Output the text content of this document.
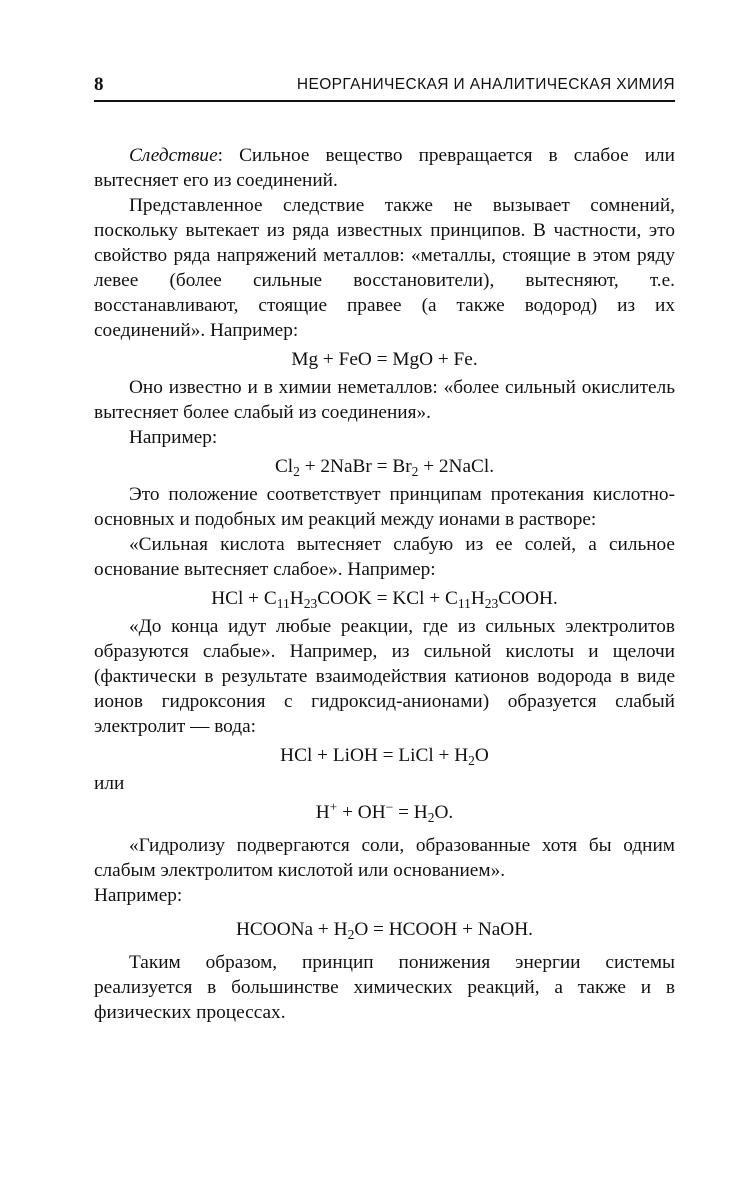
8	НЕОРГАНИЧЕСКАЯ И АНАЛИТИЧЕСКАЯ ХИМИЯ

Следствие: Сильное вещество превращается в слабое или вытесняет его из соединений.

Представленное следствие также не вызывает сомнений, поскольку вытекает из ряда известных принципов. В частности, это свойство ряда напряжений металлов: «металлы, стоящие в этом ряду левее (более сильные восстановители), вытесняют, т.е. восстанавливают, стоящие правее (а также водород) из их соединений». Например:

Mg + FeO = MgO + Fe.

Оно известно и в химии неметаллов: «более сильный окислитель вытесняет более слабый из соединения».

Например:

$Cl_2$ + 2NaBr = $Br_2$ + 2NaCl.

Это положение соответствует принципам протекания кислотно-основных и подобных им реакций между ионами в растворе:

«Сильная кислота вытесняет слабую из ее солей, а сильное основание вытесняет слабое». Например:

HCl + $C_{11}H_{23}COOK$ = KCl + $C_{11}H_{23}COOH$.

«До конца идут любые реакции, где из сильных электролитов образуются слабые». Например, из сильной кислоты и щелочи (фактически в результате взаимодействия катионов водорода в виде ионов гидроксония с гидроксид-анионами) образуется слабый электролит — вода:

HCl + LiOH = LiCl + $H_2O$

или

$H^+ + OH^- = H_2O$.

«Гидролизу подвергаются соли, образованные хотя бы одним слабым электролитом кислотой или основанием».

Например:

HCOONa + $H_2O$ = HCOOH + NaOH.

Таким образом, принцип понижения энергии системы реализуется в большинстве химических реакций, а также и в физических процессах.
